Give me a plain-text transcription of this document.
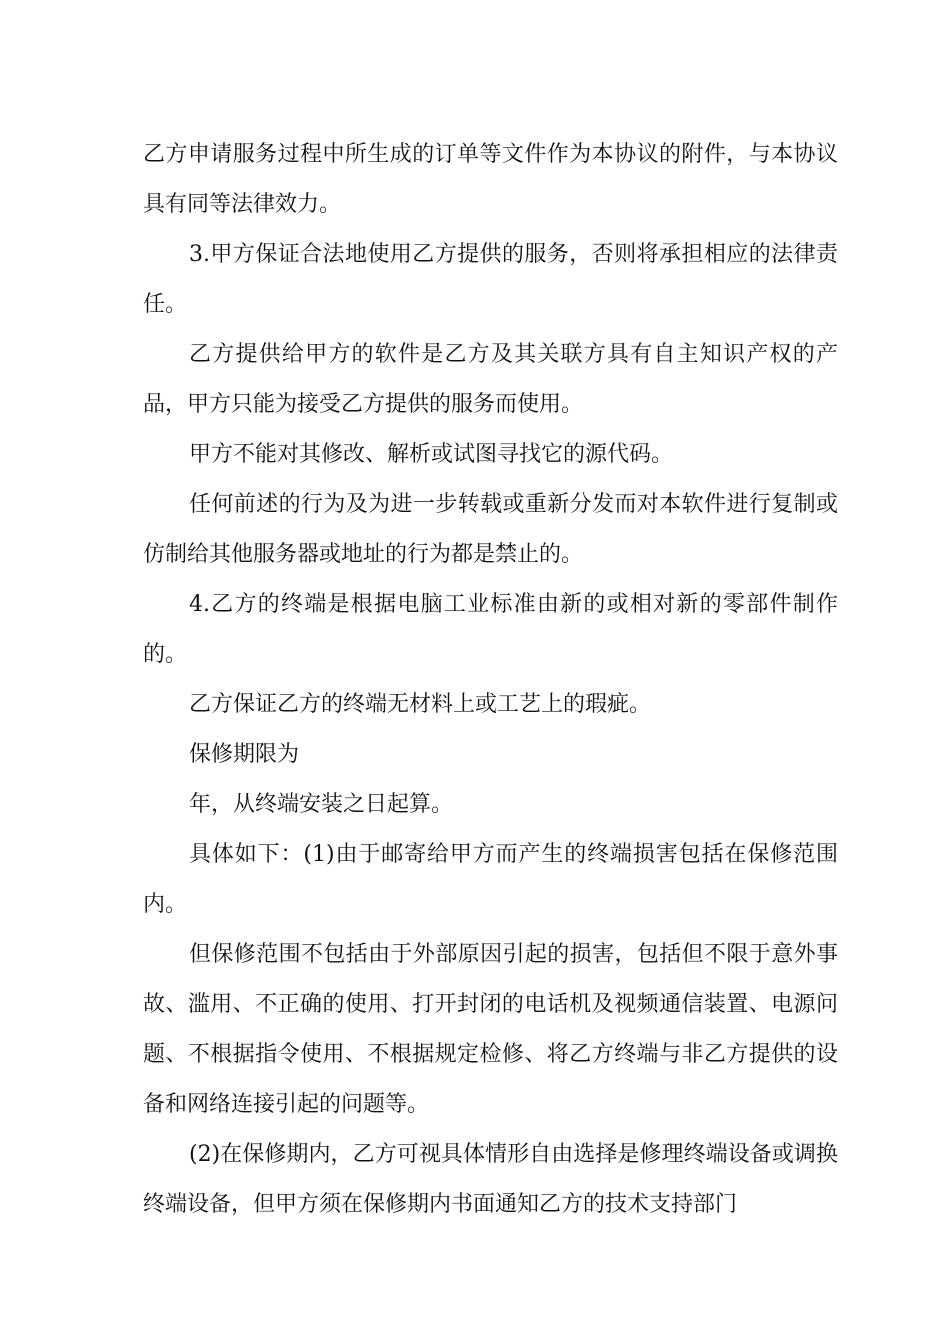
乙方申请服务过程中所生成的订单等文件作为本协议的附件，与本协议具有同等法律效力。

3.甲方保证合法地使用乙方提供的服务，否则将承担相应的法律责任。

乙方提供给甲方的软件是乙方及其关联方具有自主知识产权的产品，甲方只能为接受乙方提供的服务而使用。

甲方不能对其修改、解析或试图寻找它的源代码。

任何前述的行为及为进一步转载或重新分发而对本软件进行复制或仿制给其他服务器或地址的行为都是禁止的。

4.乙方的终端是根据电脑工业标准由新的或相对新的零部件制作的。

乙方保证乙方的终端无材料上或工艺上的瑕疵。

保修期限为

年，从终端安装之日起算。

具体如下：(1)由于邮寄给甲方而产生的终端损害包括在保修范围内。

但保修范围不包括由于外部原因引起的损害，包括但不限于意外事故、滥用、不正确的使用、打开封闭的电话机及视频通信装置、电源问题、不根据指令使用、不根据规定检修、将乙方终端与非乙方提供的设备和网络连接引起的问题等。

(2)在保修期内，乙方可视具体情形自由选择是修理终端设备或调换终端设备，但甲方须在保修期内书面通知乙方的技术支持部门
